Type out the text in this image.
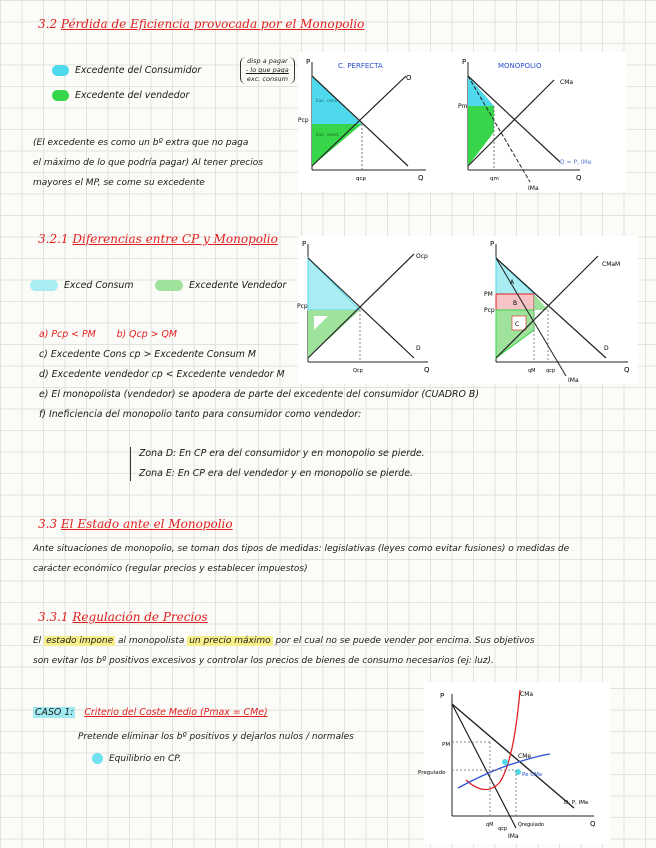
3.2 Pérdida de Eficiencia provocada por el Monopolio
Excedente del Consumidor
Excedente del vendedor
disp a pagar
- lo que paga
exc. consum
(El excedente es como un bº extra que no paga
el máximo de lo que podría pagar) Al tener precios
mayores el MP, se come su excedente
P
Q
C. PERFECTA
O
Pcp
qcp
Exc. cons.
Exc. vend.
P
Q
MONOPOLIO
CMa
Pm
qm
D = P, IMe
IMa
3.2.1 Diferencias entre CP y Monopolio
Exced Consum	Excedente Vendedor
P
Q
Ocp
D
Pcp
Qcp
P
Q
CMaM
PM
Pcp
A
B
C
D
qM qcp
IMa
a) Pcp < PM b) Qcp > QM
c) Excedente Cons cp > Excedente Consum M
d) Excedente vendedor cp < Excedente vendedor M
e) El monopolista (vendedor) se apodera de parte del excedente del consumidor (CUADRO B)
f) Ineficiencia del monopolio tanto para consumidor como vendedor:
Zona D: En CP era del consumidor y en monopolio se pierde.
Zona E: En CP era del vendedor y en monopolio se pierde.
3.3 El Estado ante el Monopolio
Ante situaciones de monopolio, se toman dos tipos de medidas: legislativas (leyes como evitar fusiones) o medidas de
carácter económico (regular precios y establecer impuestos)
3.3.1 Regulación de Precios
El estado impone al monopolista un precio máximo por el cual no se puede vender por encima. Sus objetivos
son evitar los bº positivos excesivos y controlar los precios de bienes de consumo necesarios (ej: luz).
CASO 1: Criterio del Coste Medio (Pmax = CMe)
Pretende eliminar los bº positivos y dejarlos nulos / normales
Equilibrio en CP.
P
Q
CMa
CMe
Pe CMe
Pregulado
PM
D: P, IMe
IMa
qM
qcp
Qregulado
